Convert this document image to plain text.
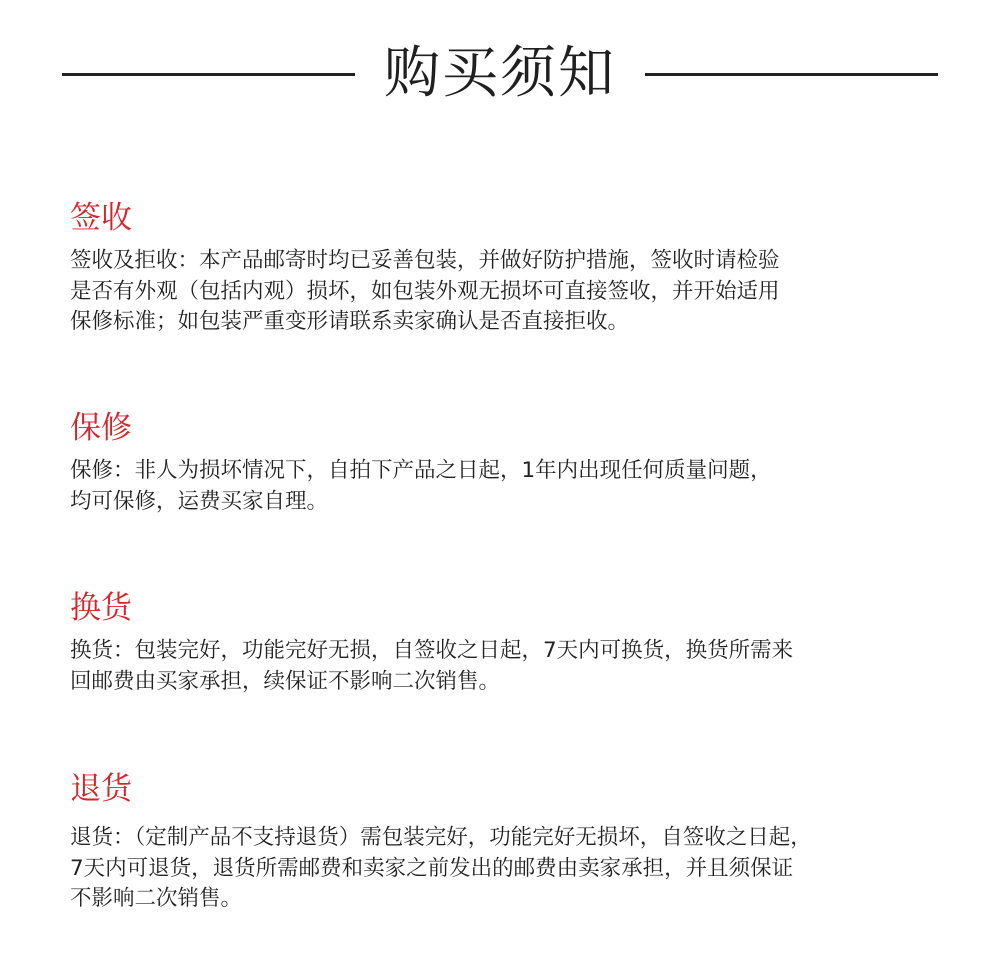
购买须知
签收
签收及拒收：本产品邮寄时均已妥善包装，并做好防护措施，签收时请检验
是否有外观（包括内观）损坏，如包装外观无损坏可直接签收，并开始适用
保修标准；如包装严重变形请联系卖家确认是否直接拒收。
保修
保修：非人为损坏情况下，自拍下产品之日起，1年内出现任何质量问题，
均可保修，运费买家自理。
换货
换货：包装完好，功能完好无损，自签收之日起，7天内可换货，换货所需来
回邮费由买家承担，续保证不影响二次销售。
退货
退货：（定制产品不支持退货）需包装完好，功能完好无损坏，自签收之日起，
7天内可退货，退货所需邮费和卖家之前发出的邮费由卖家承担，并且须保证
不影响二次销售。
